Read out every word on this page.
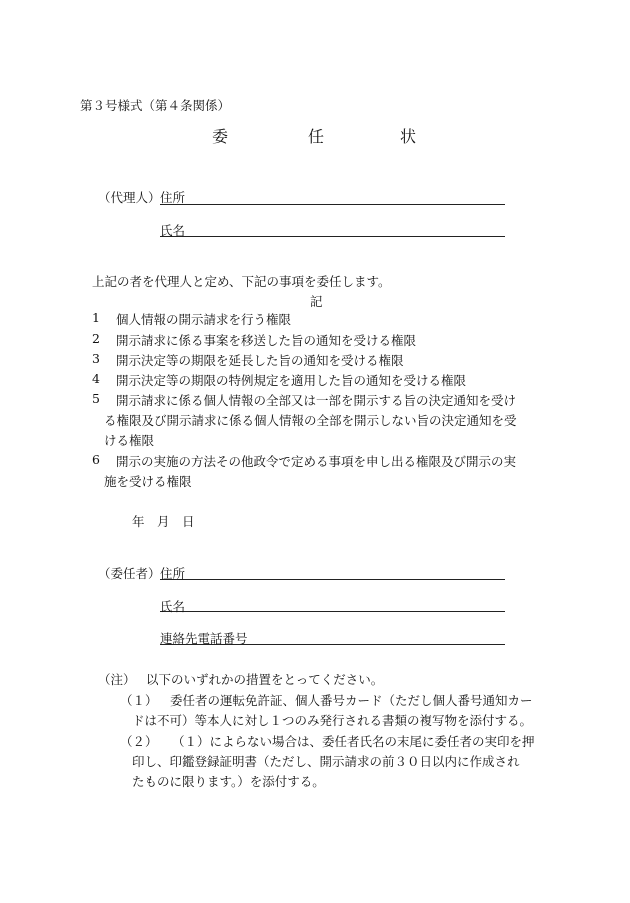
第３号様式（第４条関係）
委	任	状
（代理人） 住所
氏名
上記の者を代理人と定め、下記の事項を委任します。
記
1 個人情報の開示請求を行う権限
2 開示請求に係る事案を移送した旨の通知を受ける権限
3 開示決定等の期限を延長した旨の通知を受ける権限
4 開示決定等の期限の特例規定を適用した旨の通知を受ける権限
5 開示請求に係る個人情報の全部又は一部を開示する旨の決定通知を受け
る権限及び開示請求に係る個人情報の全部を開示しない旨の決定通知を受
ける権限
6 開示の実施の方法その他政令で定める事項を申し出る権限及び開示の実
施を受ける権限
年　月　日
（委任者） 住所
氏名
連絡先電話番号
（注） 以下のいずれかの措置をとってください。
（１） 委任者の運転免許証、個人番号カード（ただし個人番号通知カー
ドは不可）等本人に対し１つのみ発行される書類の複写物を添付する。
（２） （１）によらない場合は、委任者氏名の末尾に委任者の実印を押
印し、印鑑登録証明書（ただし、開示請求の前３０日以内に作成され
たものに限ります。）を添付する。
